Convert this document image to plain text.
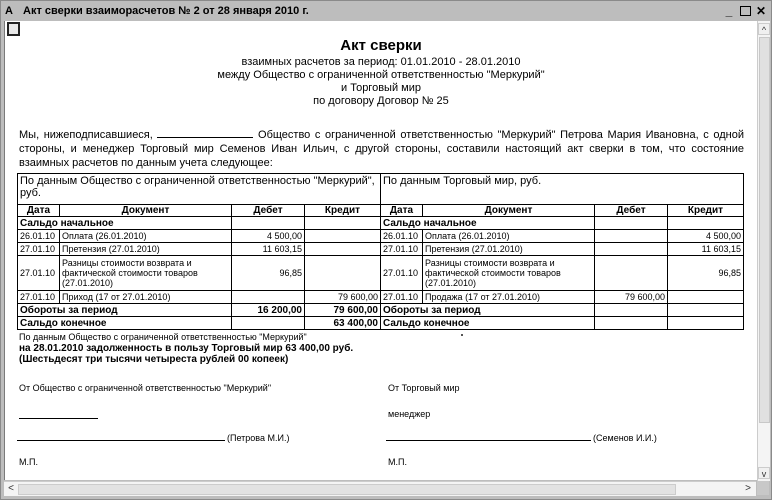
A Акт сверки взаиморасчетов № 2 от 28 января 2010 г.	_ ✕
Акт сверки
взаимных расчетов за период: 01.01.2010 - 28.01.2010
между Общество с ограниченной ответственностью "Меркурий"
и Торговый мир
по договору Договор № 25
Мы, нижеподписавшиеся,	Общество с ограниченной ответственностью "Меркурий" Петрова Мария Ивановна, с одной стороны, и менеджер Торговый мир Семенов Иван Ильич, с другой стороны, составили настоящий акт сверки в том, что состояние взаимных расчетов по данным учета следующее:
По данным Общество с ограниченной ответственностью "Меркурий", руб.				По данным Торговый мир, руб.			
Дата	Документ	Дебет	Кредит	Дата	Документ	Дебет	Кредит
Сальдо начальное				Сальдо начальное			
26.01.10	Оплата (26.01.2010)	4 500,00		26.01.10	Оплата (26.01.2010)		4 500,00
27.01.10	Претензия (27.01.2010)	11 603,15		27.01.10	Претензия (27.01.2010)		11 603,15
27.01.10	Разницы стоимости возврата и фактической стоимости товаров (27.01.2010)	96,85		27.01.10	Разницы стоимости возврата и фактической стоимости товаров (27.01.2010)		96,85
27.01.10	Приход (17 от 27.01.2010)		79 600,00	27.01.10	Продажа (17 от 27.01.2010)	79 600,00	
Обороты за период		16 200,00	79 600,00	Обороты за период			
Сальдо конечное			63 400,00	Сальдо конечное			
По данным Общество с ограниченной ответственностью "Меркурий"
на 28.01.2010 задолженность в пользу Торговый мир 63 400,00 руб.
(Шестьдесят три тысячи четыреста рублей 00 копеек)
От Общество с ограниченной ответственностью "Меркурий"
(Петрова М.И.)
М.П.
От Торговый мир
менеджер
(Семенов И.И.)
М.П.
^
v
<	>
